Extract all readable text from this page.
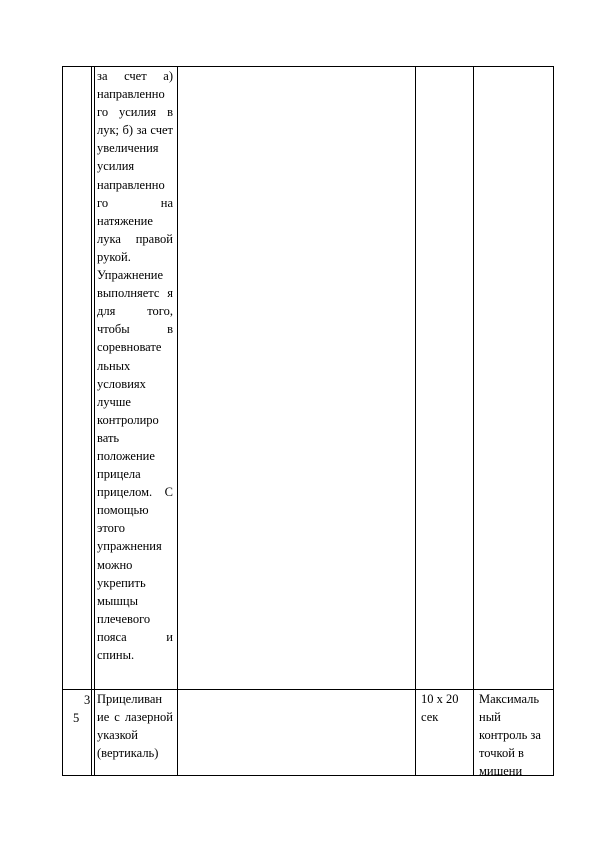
за счет а) направленно го усилия в лук; б) за счет увеличения усилия направленно го на натяжение лука правой рукой. Упражнение выполняетс я для того, чтобы в соревновате льных условиях лучше контролиро вать положение прицела прицелом. С помощью этого упражнения можно укрепить мышцы плечевого пояса и спины.
3
5
Прицеливан ие с лазерной указкой (вертикаль)
10 х 20 сек
Максималь ный контроль за точкой в мишени
